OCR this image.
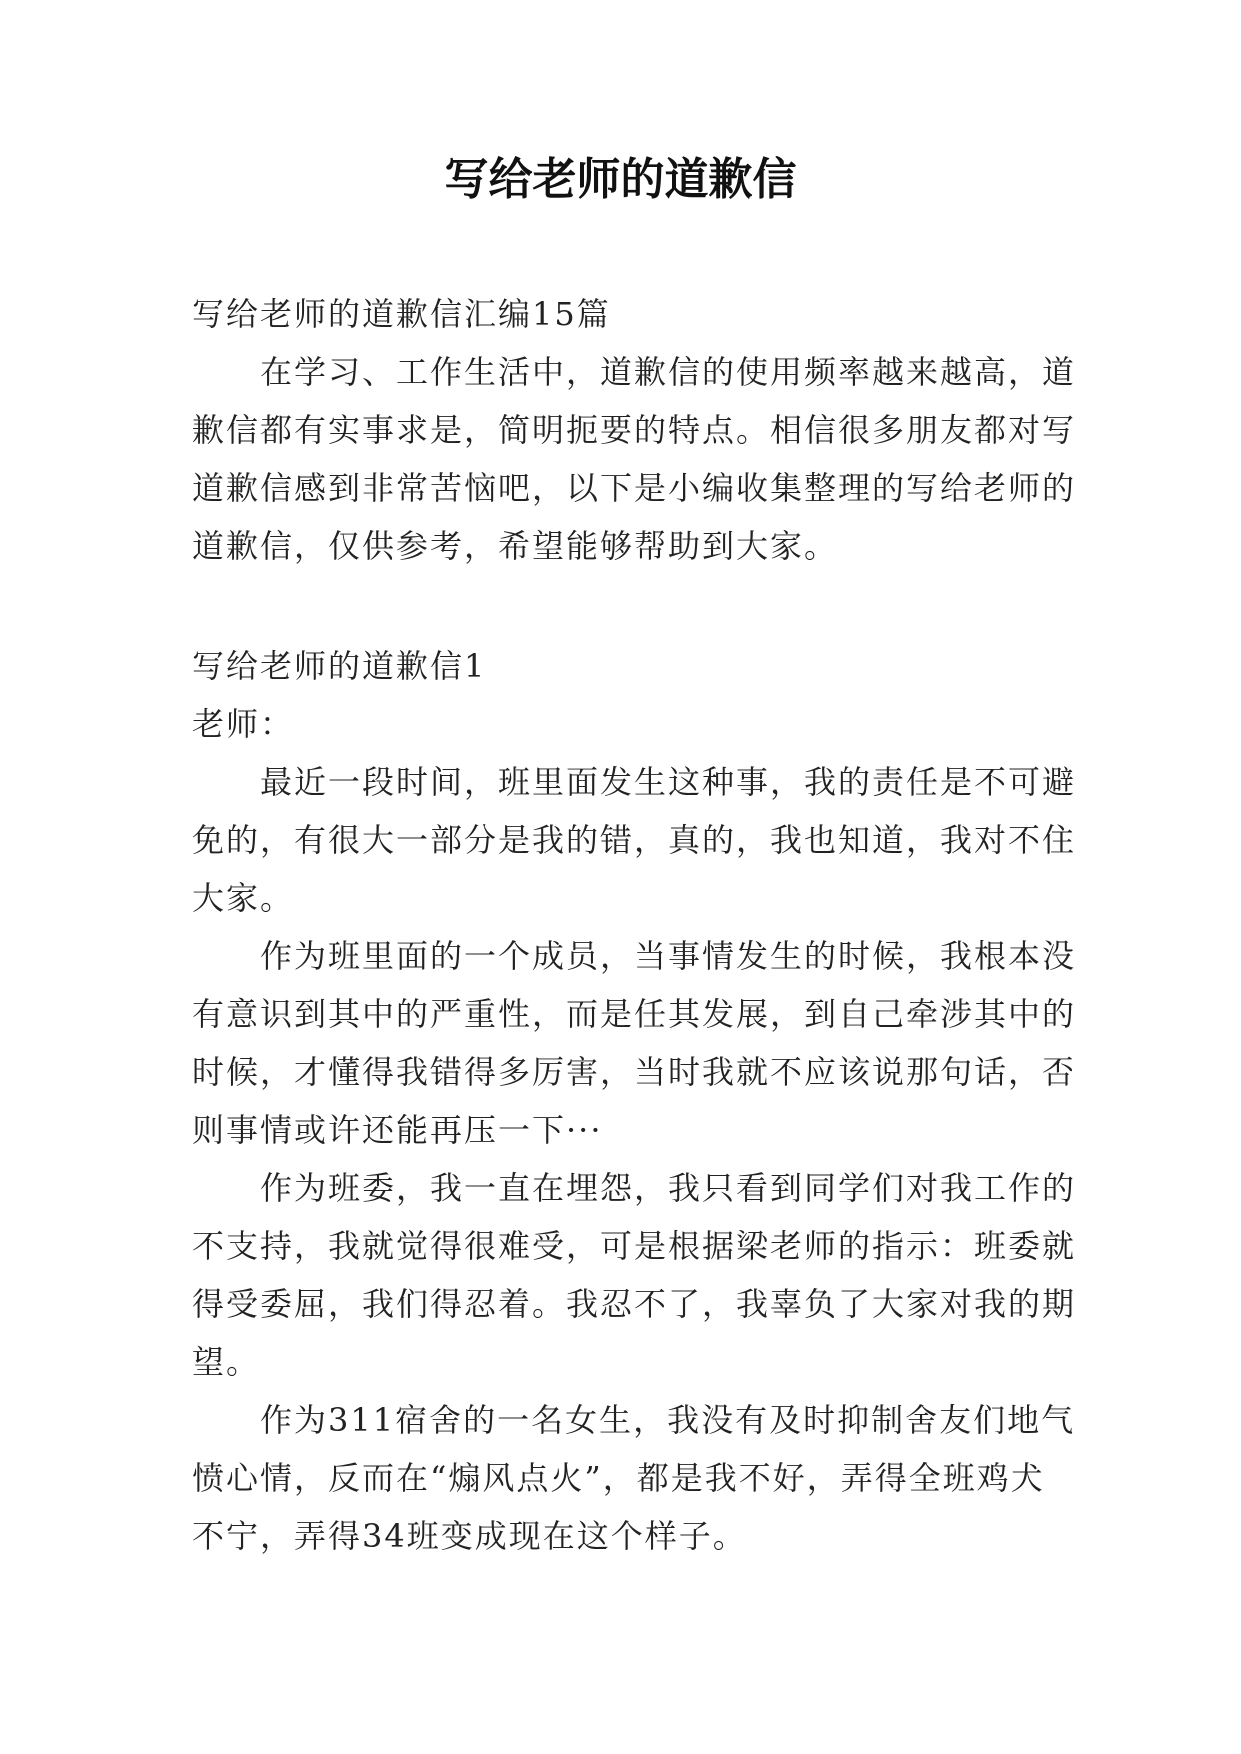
写给老师的道歉信
写给老师的道歉信汇编15篇
在学习、工作生活中，道歉信的使用频率越来越高，道
歉信都有实事求是，简明扼要的特点。相信很多朋友都对写
道歉信感到非常苦恼吧，以下是小编收集整理的写给老师的
道歉信，仅供参考，希望能够帮助到大家。
写给老师的道歉信1
老师：
最近一段时间，班里面发生这种事，我的责任是不可避
免的，有很大一部分是我的错，真的，我也知道，我对不住
大家。
作为班里面的一个成员，当事情发生的时候，我根本没
有意识到其中的严重性，而是任其发展，到自己牵涉其中的
时候，才懂得我错得多厉害，当时我就不应该说那句话，否
则事情或许还能再压一下···
作为班委，我一直在埋怨，我只看到同学们对我工作的
不支持，我就觉得很难受，可是根据梁老师的指示：班委就
得受委屈，我们得忍着。我忍不了，我辜负了大家对我的期
望。
作为311宿舍的一名女生，我没有及时抑制舍友们地气
愤心情，反而在“煽风点火”，都是我不好，弄得全班鸡犬
不宁，弄得34班变成现在这个样子。
